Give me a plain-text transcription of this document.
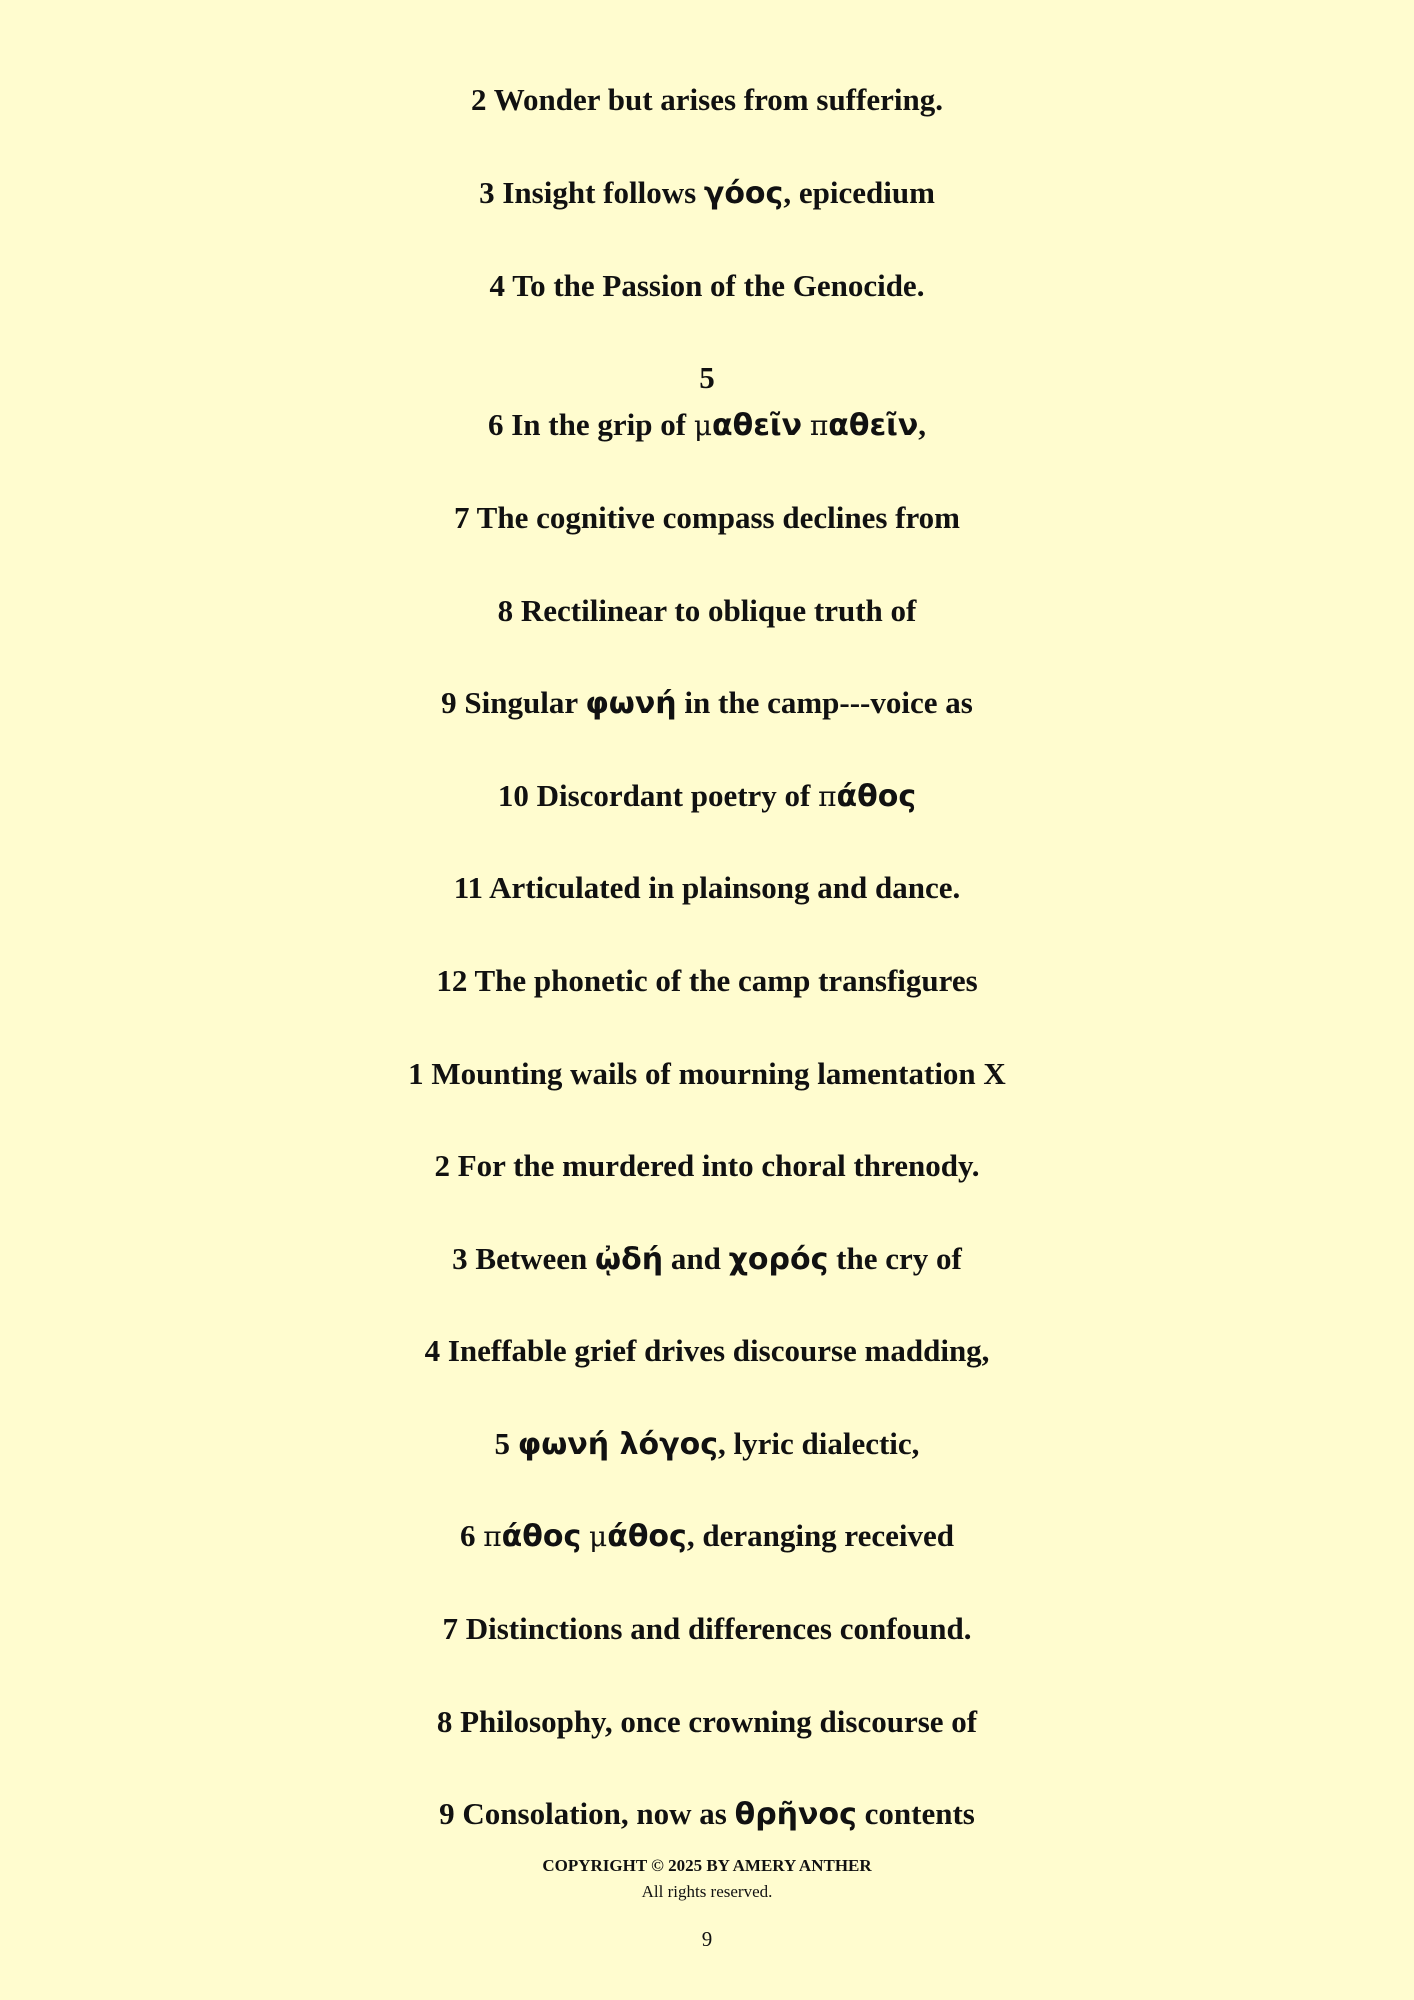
2 Wonder but arises from suffering.
3 Insight follows γόος, epicedium
4 To the Passion of the Genocide.
5
6 In the grip of μαθεῖν παθεῖν,
7 The cognitive compass declines from
8 Rectilinear to oblique truth of
9 Singular φωνή in the camp---voice as
10 Discordant poetry of πάθος
11 Articulated in plainsong and dance.
12 The phonetic of the camp transfigures
1 Mounting wails of mourning lamentation X
2 For the murdered into choral threnody.
3 Between ᾠδή and χορός the cry of
4 Ineffable grief drives discourse madding,
5 φωνή λόγος, lyric dialectic,
6 πάθος μάθος, deranging received
7 Distinctions and differences confound.
8 Philosophy, once crowning discourse of
9 Consolation, now as θρῆνος contents
COPYRIGHT © 2025 BY AMERY ANTHER
All rights reserved.
9
